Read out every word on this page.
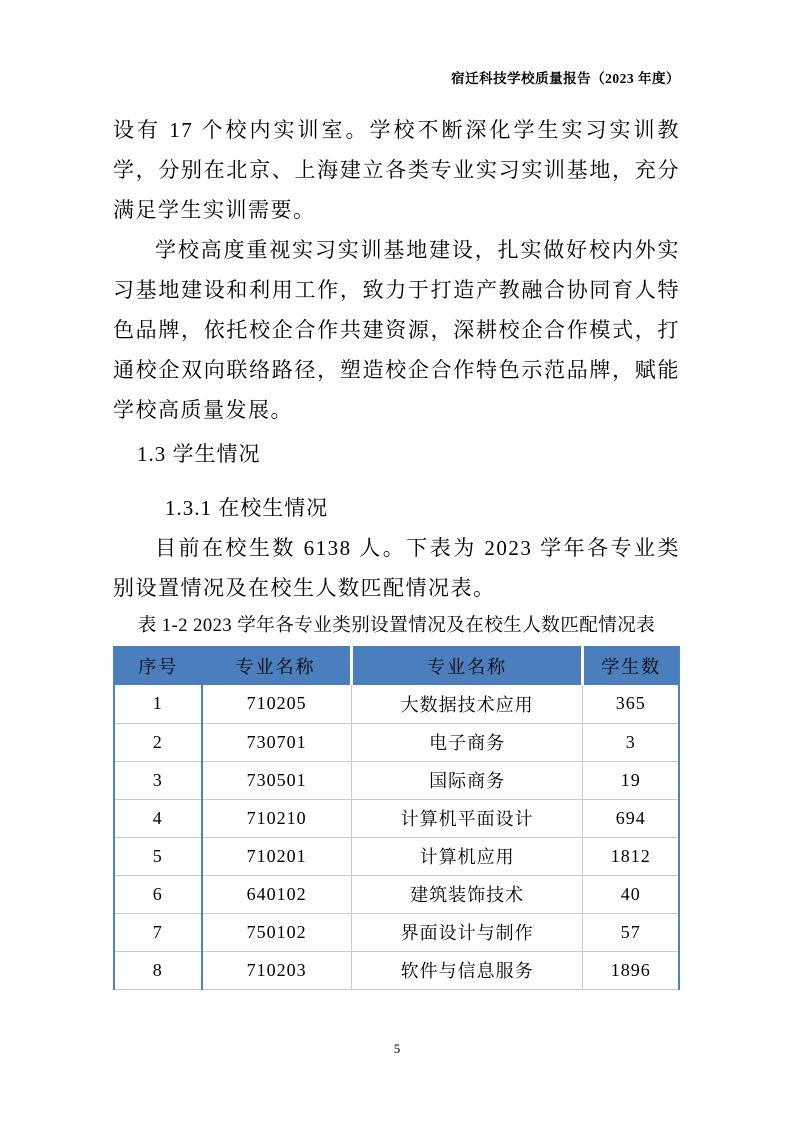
宿迁科技学校质量报告（2023 年度）

设有 17 个校内实训室。学校不断深化学生实习实训教学，分别在北京、上海建立各类专业实习实训基地，充分满足学生实训需要。

学校高度重视实习实训基地建设，扎实做好校内外实习基地建设和利用工作，致力于打造产教融合协同育人特色品牌，依托校企合作共建资源，深耕校企合作模式，打通校企双向联络路径，塑造校企合作特色示范品牌，赋能学校高质量发展。

1.3 学生情况
1.3.1 在校生情况

目前在校生数 6138 人。下表为 2023 学年各专业类别设置情况及在校生人数匹配情况表。

表 1-2 2023 学年各专业类别设置情况及在校生人数匹配情况表
序号	专业名称	专业名称	学生数
1	710205	大数据技术应用	365
2	730701	电子商务	3
3	730501	国际商务	19
4	710210	计算机平面设计	694
5	710201	计算机应用	1812
6	640102	建筑装饰技术	40
7	750102	界面设计与制作	57
8	710203	软件与信息服务	1896
5
